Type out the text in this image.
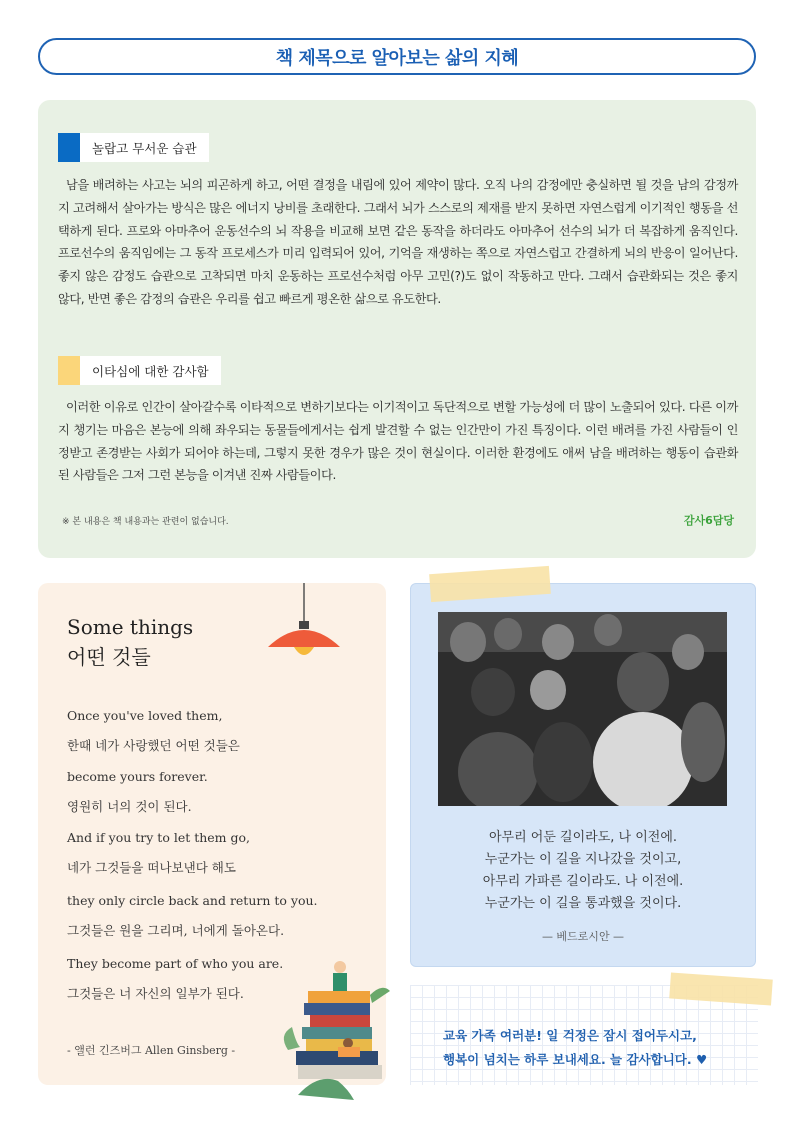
책 제목으로 알아보는 삶의 지혜
놀랍고 무서운 습관

남을 배려하는 사고는 뇌의 피곤하게 하고, 어떤 결정을 내림에 있어 제약이 많다. 오직 나의 감정에만 충실하면 될 것을 남의 감정까지 고려해서 살아가는 방식은 많은 에너지 낭비를 초래한다. 그래서 뇌가 스스로의 제재를 받지 못하면 자연스럽게 이기적인 행동을 선택하게 된다. 프로와 아마추어 운동선수의 뇌 작용을 비교해 보면 같은 동작을 하더라도 아마추어 선수의 뇌가 더 복잡하게 움직인다. 프로선수의 움직임에는 그 동작 프로세스가 미리 입력되어 있어, 기억을 재생하는 쪽으로 자연스럽고 간결하게 뇌의 반응이 일어난다. 좋지 않은 감정도 습관으로 고착되면 마치 운동하는 프로선수처럼 아무 고민(?)도 없이 작동하고 만다. 그래서 습관화되는 것은 좋지 않다, 반면 좋은 감정의 습관은 우리를 쉽고 빠르게 평온한 삶으로 유도한다.

이타심에 대한 감사함

이러한 이유로 인간이 살아갈수록 이타적으로 변하기보다는 이기적이고 독단적으로 변할 가능성에 더 많이 노출되어 있다. 다른 이까지 챙기는 마음은 본능에 의해 좌우되는 동물들에게서는 쉽게 발견할 수 없는 인간만이 가진 특징이다. 이런 배려를 가진 사람들이 인정받고 존경받는 사회가 되어야 하는데, 그렇지 못한 경우가 많은 것이 현실이다. 이러한 환경에도 애써 남을 배려하는 행동이 습관화된 사람들은 그저 그런 본능을 이겨낸 진짜 사람들이다.

※ 본 내용은 책 내용과는 관련이 없습니다.	감사6담당
Some things
어떤 것들
Once you've loved them,
한때 네가 사랑했던 어떤 것들은
become yours forever.
영원히 너의 것이 된다.
And if you try to let them go,
네가 그것들을 떠나보낸다 해도
they only circle back and return to you.
그것들은 원을 그리며, 너에게 돌아온다.
They become part of who you are.
그것들은 너 자신의 일부가 된다.
- 앨런 긴즈버그 Allen Ginsberg -
아무리 어둔 길이라도, 나 이전에.
누군가는 이 길을 지나갔을 것이고,
아무리 가파른 길이라도. 나 이전에.
누군가는 이 길을 통과했을 것이다.
— 베드로시안 —
교육 가족 여러분! 일 걱정은 잠시 접어두시고,
행복이 넘치는 하루 보내세요. 늘 감사합니다. ♥
